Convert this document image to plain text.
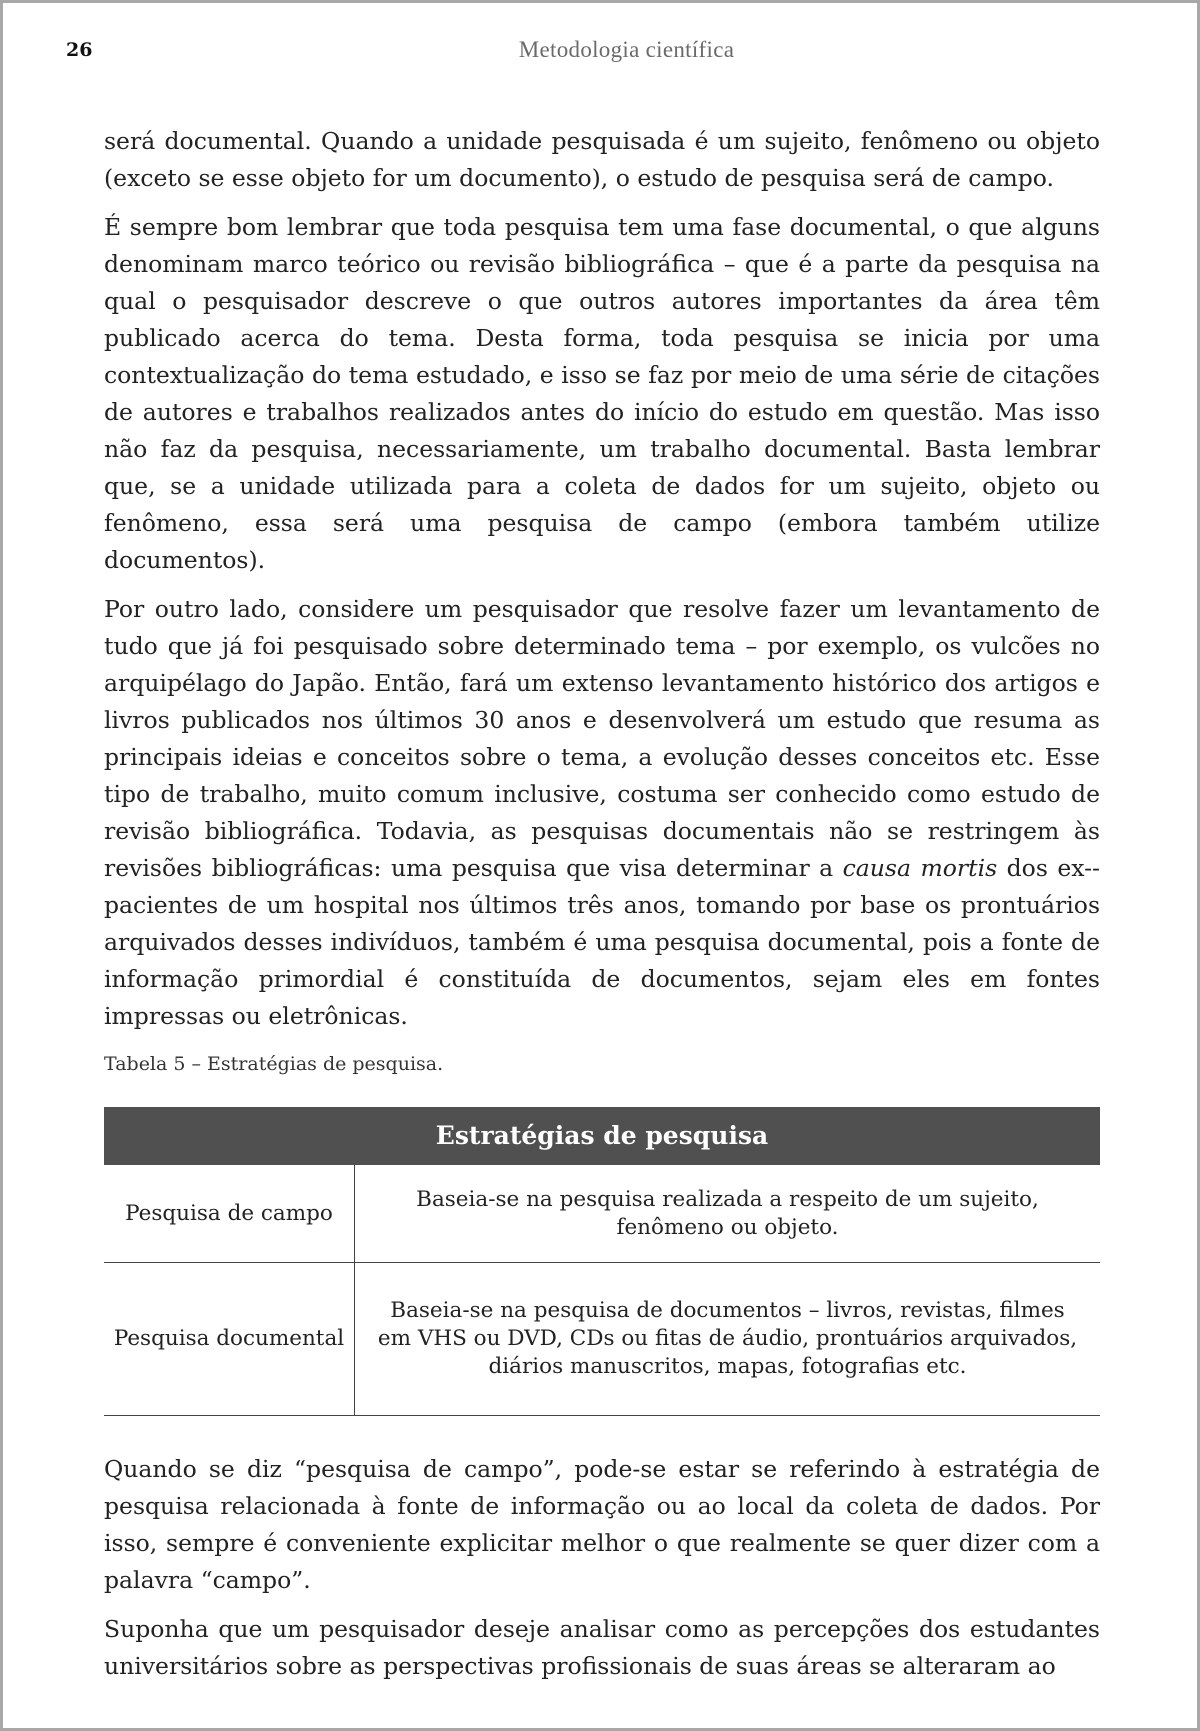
26	Metodologia científica

será documental. Quando a unidade pesquisada é um sujeito, fenômeno ou objeto (exceto se esse objeto for um documento), o estudo de pesquisa será de campo.

É sempre bom lembrar que toda pesquisa tem uma fase documental, o que alguns denominam marco teórico ou revisão bibliográfica – que é a parte da pesquisa na qual o pesquisador descreve o que outros autores importantes da área têm publicado acerca do tema. Desta forma, toda pesquisa se inicia por uma contextualização do tema estudado, e isso se faz por meio de uma série de citações de autores e trabalhos realizados antes do início do estudo em questão. Mas isso não faz da pesquisa, necessariamente, um trabalho documental. Basta lembrar que, se a unidade utilizada para a coleta de dados for um sujeito, objeto ou fenômeno, essa será uma pesquisa de campo (embora também utilize documentos).

Por outro lado, considere um pesquisador que resolve fazer um levantamento de tudo que já foi pesquisado sobre determinado tema – por exemplo, os vulcões no arquipélago do Japão. Então, fará um extenso levantamento histórico dos artigos e livros publicados nos últimos 30 anos e desenvolverá um estudo que resuma as principais ideias e conceitos sobre o tema, a evolução desses conceitos etc. Esse tipo de trabalho, muito comum inclusive, costuma ser conhecido como estudo de revisão bibliográfica. Todavia, as pesquisas documentais não se restringem às revisões bibliográficas: uma pesquisa que visa determinar a causa mortis dos ex--pacientes de um hospital nos últimos três anos, tomando por base os prontuários arquivados desses indivíduos, também é uma pesquisa documental, pois a fonte de informação primordial é constituída de documentos, sejam eles em fontes impressas ou eletrônicas.

Tabela 5 – Estratégias de pesquisa.
Estratégias de pesquisa
Pesquisa de campo
Baseia-se na pesquisa realizada a respeito de um sujeito, fenômeno ou objeto.
Pesquisa documental
Baseia-se na pesquisa de documentos – livros, revistas, filmes em VHS ou DVD, CDs ou fitas de áudio, prontuários arquivados, diários manuscritos, mapas, fotografias etc.

Quando se diz “pesquisa de campo”, pode-se estar se referindo à estratégia de pesquisa relacionada à fonte de informação ou ao local da coleta de dados. Por isso, sempre é conveniente explicitar melhor o que realmente se quer dizer com a palavra “campo”.

Suponha que um pesquisador deseje analisar como as percepções dos estudantes universitários sobre as perspectivas profissionais de suas áreas se alteraram ao
